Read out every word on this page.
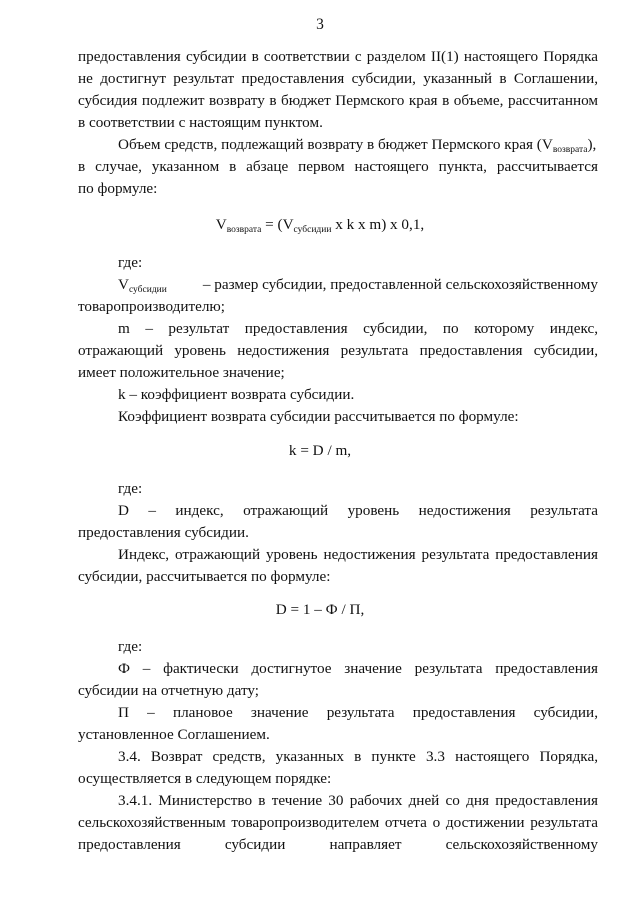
3
предоставления субсидии в соответствии с разделом II(1) настоящего Порядка
не достигнут результат предоставления субсидии, указанный в Соглашении,
субсидия подлежит возврату в бюджет Пермского края в объеме, рассчитанном
в соответствии с настоящим пунктом.
Объем средств, подлежащий возврату в бюджет Пермского края $(V_{возврата})$,
в случае, указанном в абзаце первом настоящего пункта, рассчитывается
по формуле:
$V_{возврата} = (V_{субсидии}$ x k x m) x 0,1,
где:
$V_{субсидии}$ – размер субсидии, предоставленной сельскохозяйственному
товаропроизводителю;
m – результат предоставления субсидии, по которому индекс,
отражающий уровень недостижения результата предоставления субсидии,
имеет положительное значение;
k – коэффициент возврата субсидии.
Коэффициент возврата субсидии рассчитывается по формуле:
k = D / m,
где:
D – индекс, отражающий уровень недостижения результата
предоставления субсидии.
Индекс, отражающий уровень недостижения результата предоставления
субсидии, рассчитывается по формуле:
D = 1 – Ф / П,
где:
Ф – фактически достигнутое значение результата предоставления
субсидии на отчетную дату;
П – плановое значение результата предоставления субсидии,
установленное Соглашением.
3.4. Возврат средств, указанных в пункте 3.3 настоящего Порядка,
осуществляется в следующем порядке:
3.4.1. Министерство в течение 30 рабочих дней со дня предоставления
сельскохозяйственным товаропроизводителем отчета о достижении результата
предоставления субсидии направляет сельскохозяйственному
